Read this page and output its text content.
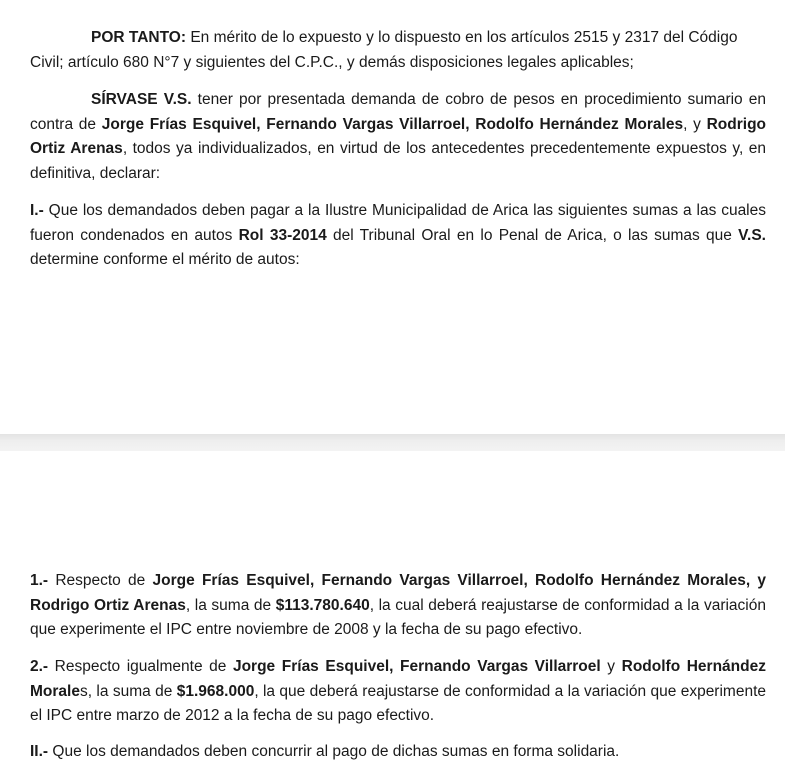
POR TANTO: En mérito de lo expuesto y lo dispuesto en los artículos 2515 y 2317 del Código Civil; artículo 680 N°7 y siguientes del C.P.C., y demás disposiciones legales aplicables;

SÍRVASE V.S. tener por presentada demanda de cobro de pesos en procedimiento sumario en contra de Jorge Frías Esquivel, Fernando Vargas Villarroel, Rodolfo Hernández Morales, y Rodrigo Ortiz Arenas, todos ya individualizados, en virtud de los antecedentes precedentemente expuestos y, en definitiva, declarar:

I.- Que los demandados deben pagar a la Ilustre Municipalidad de Arica las siguientes sumas a las cuales fueron condenados en autos Rol 33-2014 del Tribunal Oral en lo Penal de Arica, o las sumas que V.S. determine conforme el mérito de autos:

1.- Respecto de Jorge Frías Esquivel, Fernando Vargas Villarroel, Rodolfo Hernández Morales, y Rodrigo Ortiz Arenas, la suma de $113.780.640, la cual deberá reajustarse de conformidad a la variación que experimente el IPC entre noviembre de 2008 y la fecha de su pago efectivo.

2.- Respecto igualmente de Jorge Frías Esquivel, Fernando Vargas Villarroel y Rodolfo Hernández Morales, la suma de $1.968.000, la que deberá reajustarse de conformidad a la variación que experimente el IPC entre marzo de 2012 a la fecha de su pago efectivo.

II.- Que los demandados deben concurrir al pago de dichas sumas en forma solidaria.
